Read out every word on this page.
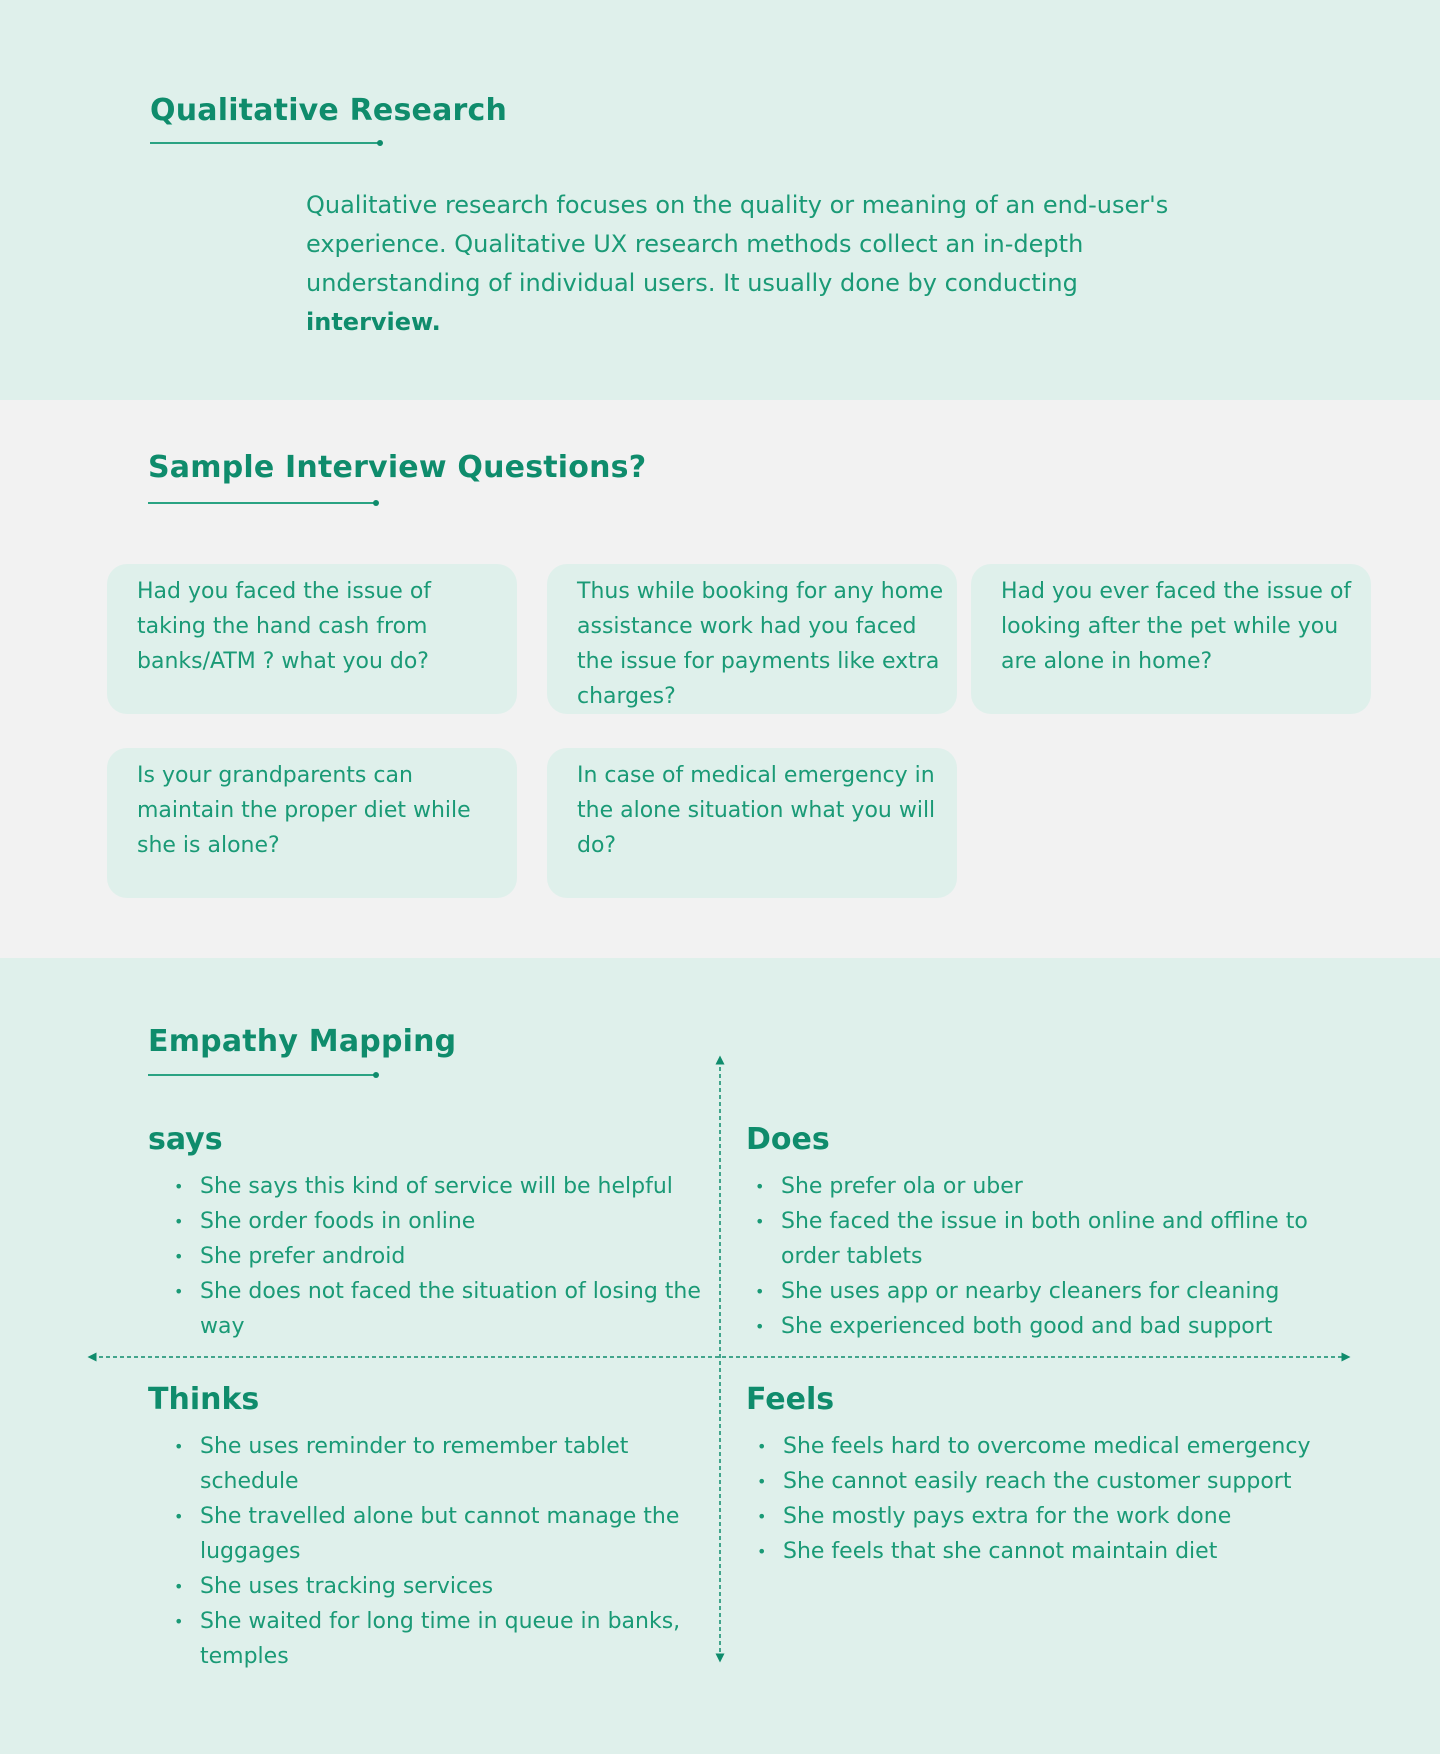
Qualitative Research

Qualitative research focuses on the quality or meaning of an end-user's experience. Qualitative UX research methods collect an in-depth understanding of individual users. It usually done by conducting interview.

Sample Interview Questions?
Had you faced the issue of taking the hand cash from banks/ATM ? what you do?
Thus while booking for any home assistance work had you faced the issue for payments like extra charges?
Had you ever faced the issue of looking after the pet while you are alone in home?
Is your grandparents can maintain the proper diet while she is alone?
In case of medical emergency in the alone situation what you will do?
Empathy Mapping
says
• She says this kind of service will be helpful
• She order foods in online
• She prefer android
• She does not faced the situation of losing the way
Does
• She prefer ola or uber
• She faced the issue in both online and offline to order tablets
• She uses app or nearby cleaners for cleaning
• She experienced both good and bad support
Thinks
• She uses reminder to remember tablet schedule
• She travelled alone but cannot manage the luggages
• She uses tracking services
• She waited for long time in queue in banks, temples
Feels
• She feels hard to overcome medical emergency
• She cannot easily reach the customer support
• She mostly pays extra for the work done
• She feels that she cannot maintain diet
